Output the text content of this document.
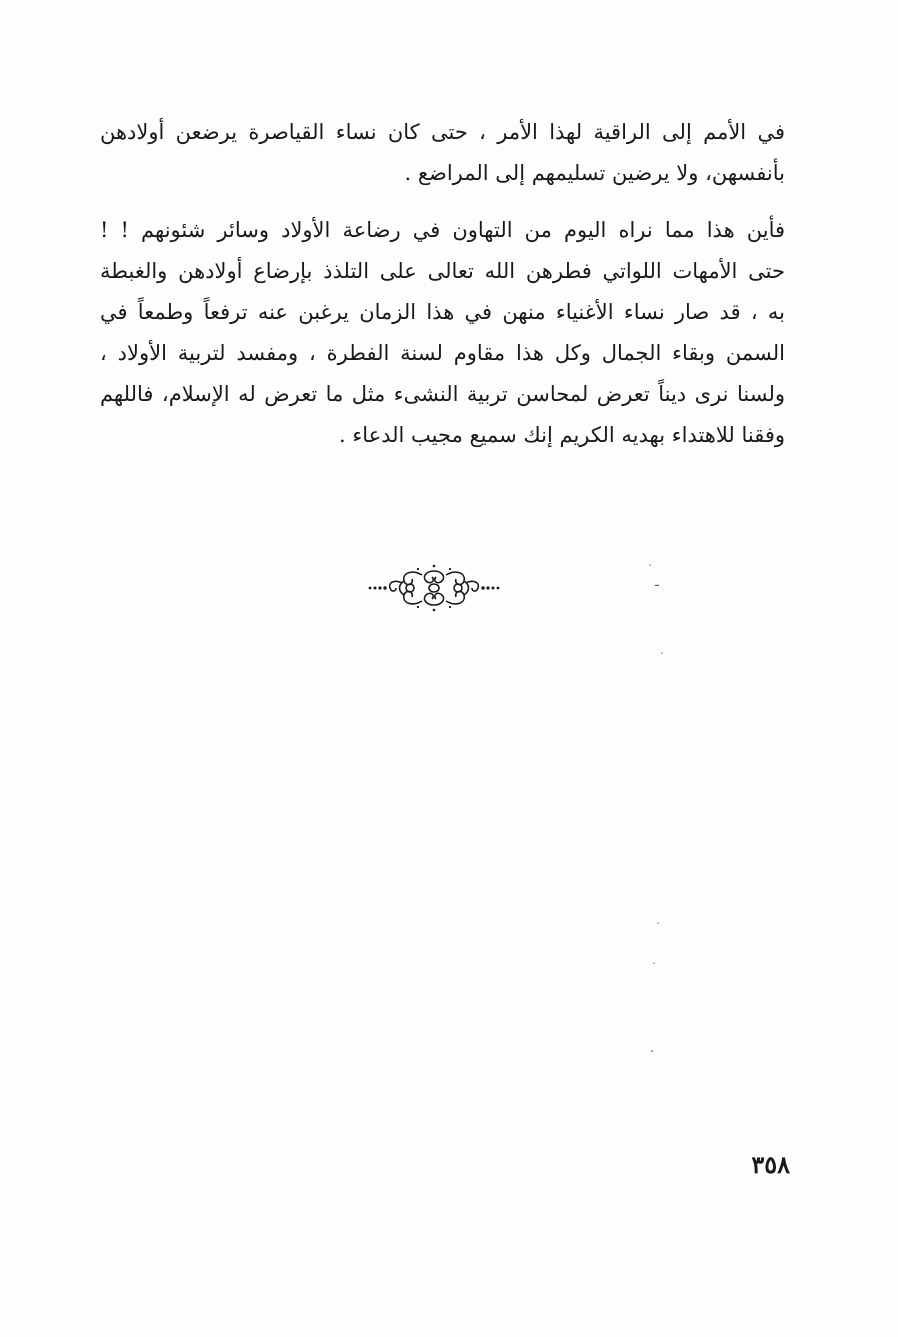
في الأمم إلى الراقية لهذا الأمر ، حتى كان نساء القياصرة يرضعن أولادهن
بأنفسهن، ولا يرضين تسليمهم إلى المراضع .
فأين هذا مما نراه اليوم من التهاون في رضاعة الأولاد وسائر شئونهم ! !
حتى الأمهات اللواتي فطرهن الله تعالى على التلذذ بإرضاع أولادهن والغبطة
به ، قد صار نساء الأغنياء منهن في هذا الزمان يرغبن عنه ترفعاً وطمعاً في
السمن وبقاء الجمال وكل هذا مقاوم لسنة الفطرة ، ومفسد لتربية الأولاد ،
ولسنا نرى ديناً تعرض لمحاسن تربية النشىء مثل ما تعرض له الإسلام، فاللهم
وفقنا للاهتداء بهديه الكريم إنك سميع مجيب الدعاء .
·
ـ
·
·
·
·
٣٥٨
